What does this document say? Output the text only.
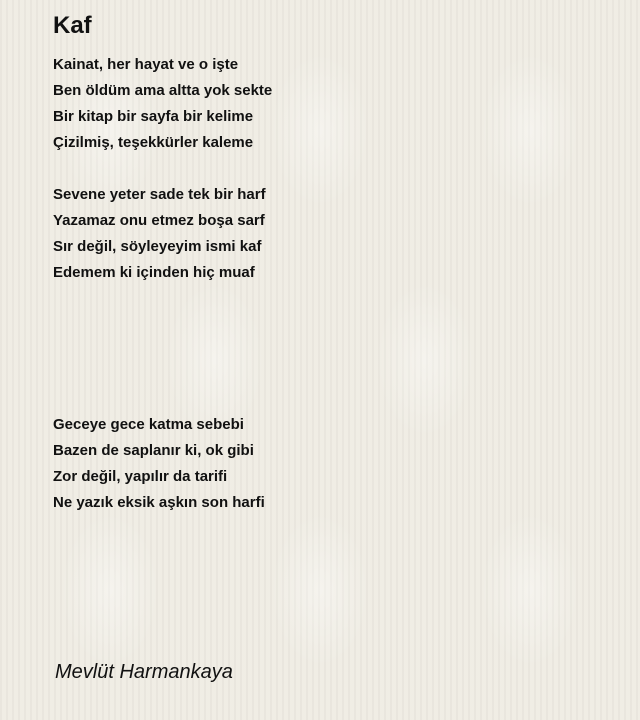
Kaf
Kainat, her hayat ve o işte
Ben öldüm ama altta yok sekte
Bir kitap bir sayfa bir kelime
Çizilmiş, teşekkürler kaleme
Sevene yeter sade tek bir harf
Yazamaz onu etmez boşa sarf
Sır değil, söyleyeyim ismi kaf
Edemem ki içinden hiç muaf
Geceye gece katma sebebi
Bazen de saplanır ki, ok gibi
Zor değil, yapılır da tarifi
Ne yazık eksik aşkın son harfi

Mevlüt Harmankaya
